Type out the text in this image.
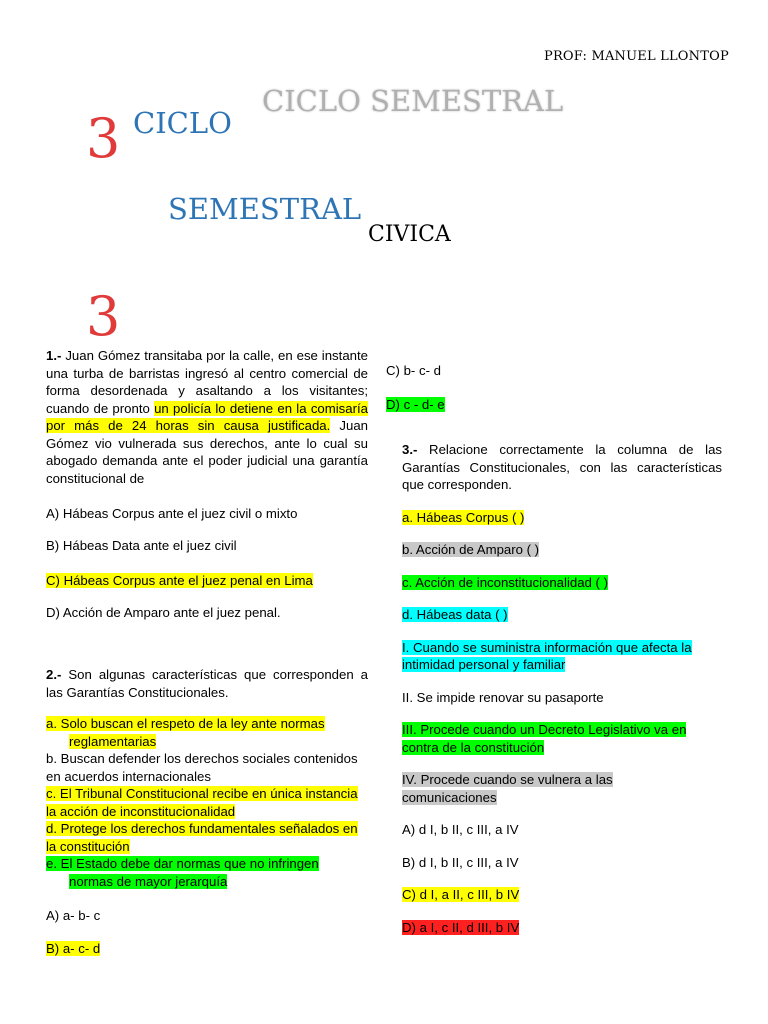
PROF: MANUEL LLONTOP
CICLO SEMESTRAL
3 CICLO
SEMESTRAL
CIVICA
3

1.- Juan Gómez transitaba por la calle, en ese instante una turba de barristas ingresó al centro comercial de forma desordenada y asaltando a los visitantes; cuando de pronto un policía lo detiene en la comisaría por más de 24 horas sin causa justificada. Juan Gómez vio vulnerada sus derechos, ante lo cual su abogado demanda ante el poder judicial una garantía constitucional de

A) Hábeas Corpus ante el juez civil o mixto

B) Hábeas Data ante el juez civil

C) Hábeas Corpus ante el juez penal en Lima

D) Acción de Amparo ante el juez penal.

2.- Son algunas características que corresponden a las Garantías Constitucionales.

a. Solo buscan el respeto de la ley ante normas

reglamentarias

b. Buscan defender los derechos sociales contenidos en acuerdos internacionales

c. El Tribunal Constitucional recibe en única instancia la acción de inconstitucionalidad

d. Protege los derechos fundamentales señalados en la constitución

e. El Estado debe dar normas que no infringen

normas de mayor jerarquía

A) a- b- c

B) a- c- d

C) b- c- d

D) c - d- e

3.- Relacione correctamente la columna de las Garantías Constitucionales, con las características que corresponden.

a. Hábeas Corpus ( )

b. Acción de Amparo ( )

c. Acción de inconstitucionalidad ( )

d. Hábeas data ( )

I. Cuando se suministra información que afecta la intimidad personal y familiar

II. Se impide renovar su pasaporte

III. Procede cuando un Decreto Legislativo va en contra de la constitución

IV. Procede cuando se vulnera a las comunicaciones

A) d I, b II, c III, a IV

B) d I, b II, c III, a IV

C) d I, a II, c III, b IV

D) a I, c II, d III, b IV
